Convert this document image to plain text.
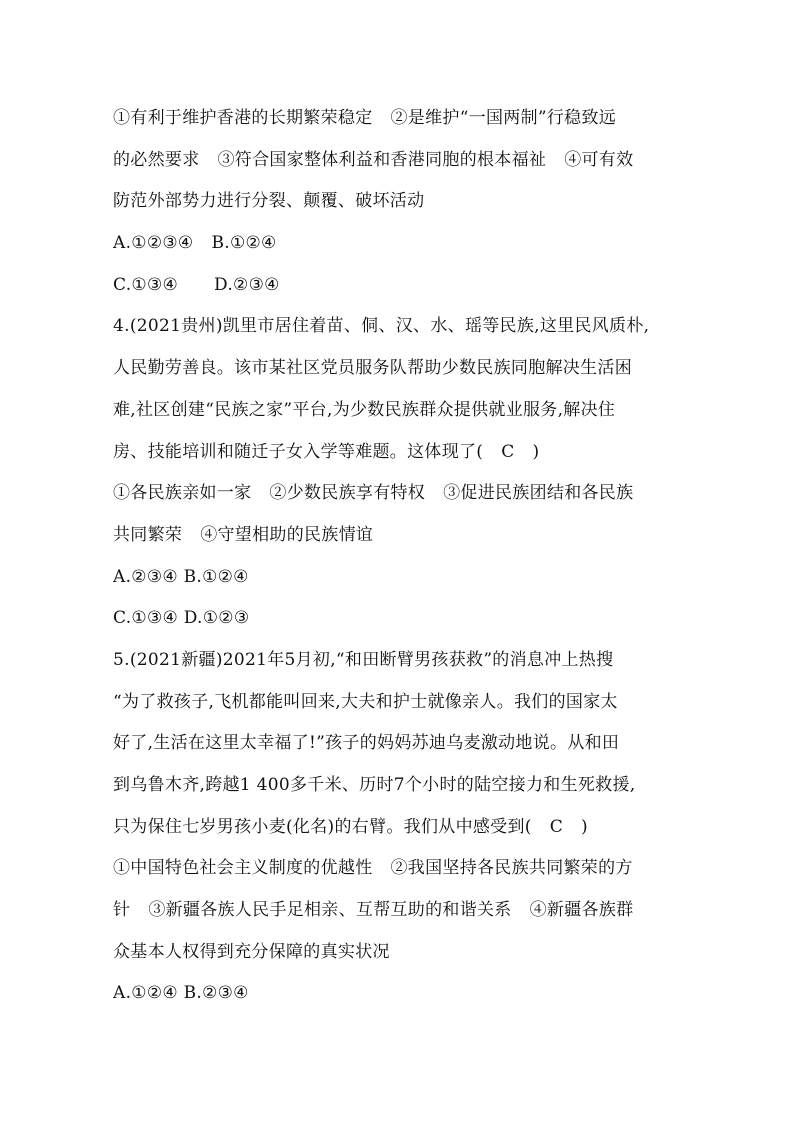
①有利于维护香港的长期繁荣稳定 ②是维护“一国两制”行稳致远
的必然要求 ③符合国家整体利益和香港同胞的根本福祉 ④可有效
防范外部势力进行分裂、颠覆、破坏活动
A.①②③④ B.①②④
C.①③④ D.②③④
4.(2021贵州)凯里市居住着苗、侗、汉、水、瑶等民族,这里民风质朴,
人民勤劳善良。该市某社区党员服务队帮助少数民族同胞解决生活困
难,社区创建“民族之家”平台,为少数民族群众提供就业服务,解决住
房、技能培训和随迁子女入学等难题。这体现了( C )
①各民族亲如一家 ②少数民族享有特权 ③促进民族团结和各民族
共同繁荣 ④守望相助的民族情谊
A.②③④ B.①②④
C.①③④ D.①②③
5.(2021新疆)2021年5月初,“和田断臂男孩获救”的消息冲上热搜
“为了救孩子,飞机都能叫回来,大夫和护士就像亲人。我们的国家太
好了,生活在这里太幸福了!”孩子的妈妈苏迪乌麦激动地说。从和田
到乌鲁木齐,跨越1 400多千米、历时7个小时的陆空接力和生死救援,
只为保住七岁男孩小麦(化名)的右臂。我们从中感受到( C )
①中国特色社会主义制度的优越性 ②我国坚持各民族共同繁荣的方
针 ③新疆各族人民手足相亲、互帮互助的和谐关系 ④新疆各族群
众基本人权得到充分保障的真实状况
A.①②④ B.②③④
